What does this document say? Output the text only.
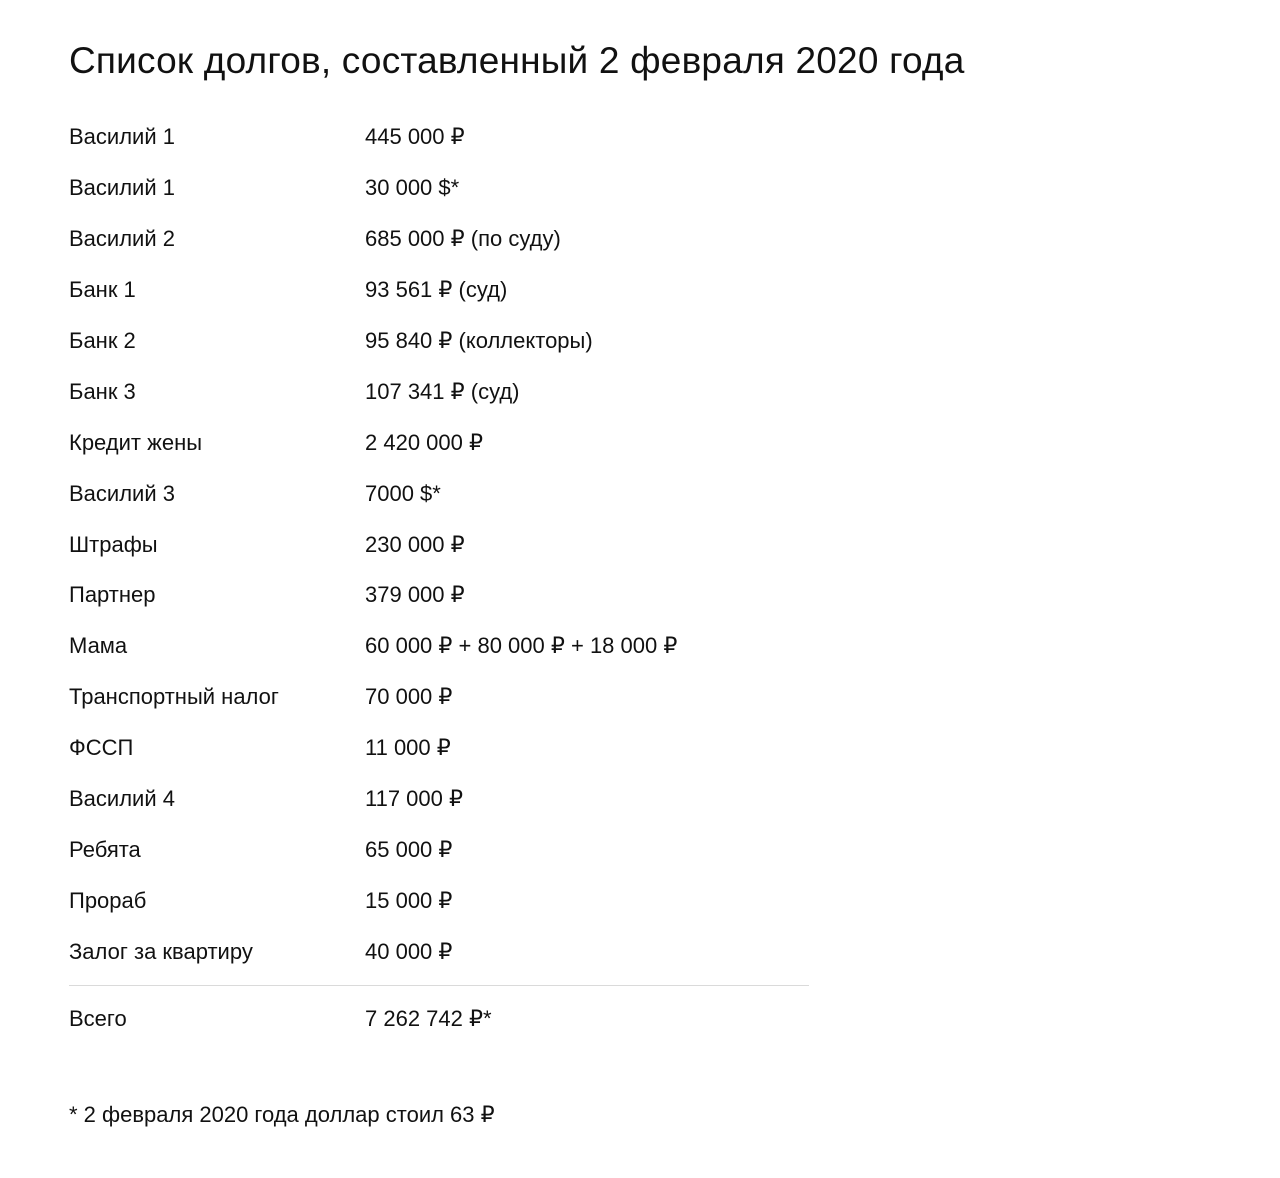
Список долгов, составленный 2 февраля 2020 года
Василий 1	445 000 ₽
Василий 1	30 000 $*
Василий 2	685 000 ₽ (по суду)
Банк 1	93 561 ₽ (суд)
Банк 2	95 840 ₽ (коллекторы)
Банк 3	107 341 ₽ (суд)
Кредит жены	2 420 000 ₽
Василий 3	7000 $*
Штрафы	230 000 ₽
Партнер	379 000 ₽
Мама	60 000 ₽ + 80 000 ₽ + 18 000 ₽
Транспортный налог	70 000 ₽
ФССП	11 000 ₽
Василий 4	117 000 ₽
Ребята	65 000 ₽
Прораб	15 000 ₽
Залог за квартиру	40 000 ₽
Всего	7 262 742 ₽*
* 2 февраля 2020 года доллар стоил 63 ₽
